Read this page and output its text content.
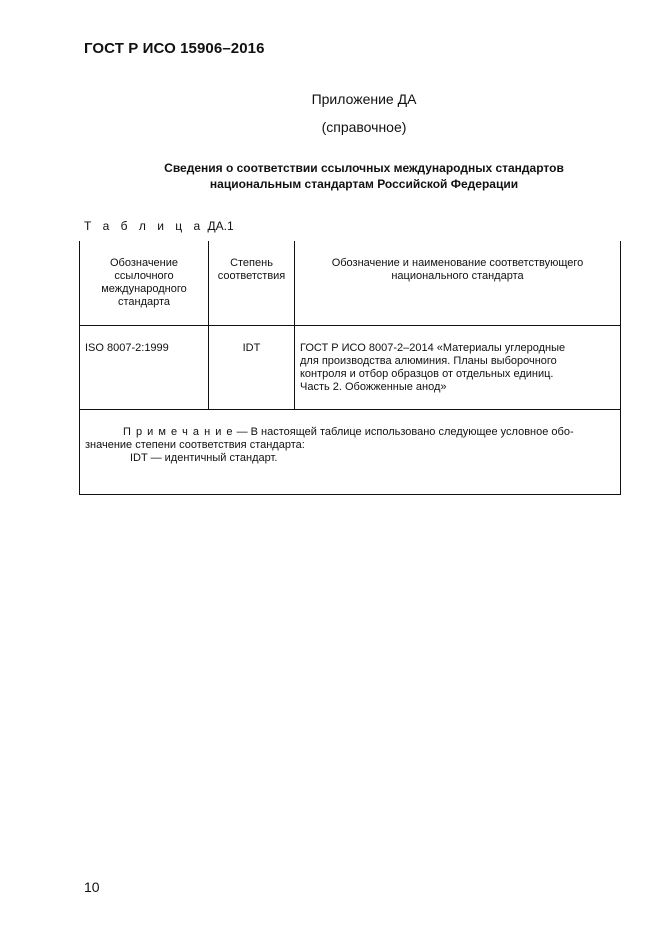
ГОСТ Р ИСО 15906–2016
Приложение ДА
(справочное)
Сведения о соответствии ссылочных международных стандартов
национальным стандартам Российской Федерации
Т а б л и ц а ДА.1
Обозначение
ссылочного
международного
стандарта
Степень
соответствия
Обозначение и наименование соответствующего
национального стандарта
ISO 8007-2:1999	IDT	ГОСТ Р ИСО 8007-2–2014 «Материалы углеродные
для производства алюминия. Планы выборочного
контроля и отбор образцов от отдельных единиц.
Часть 2. Обожженные анод»
П р и м е ч а н и е — В настоящей таблице использовано следующее условное обо-
значение степени соответствия стандарта:
IDT — идентичный стандарт.
10
